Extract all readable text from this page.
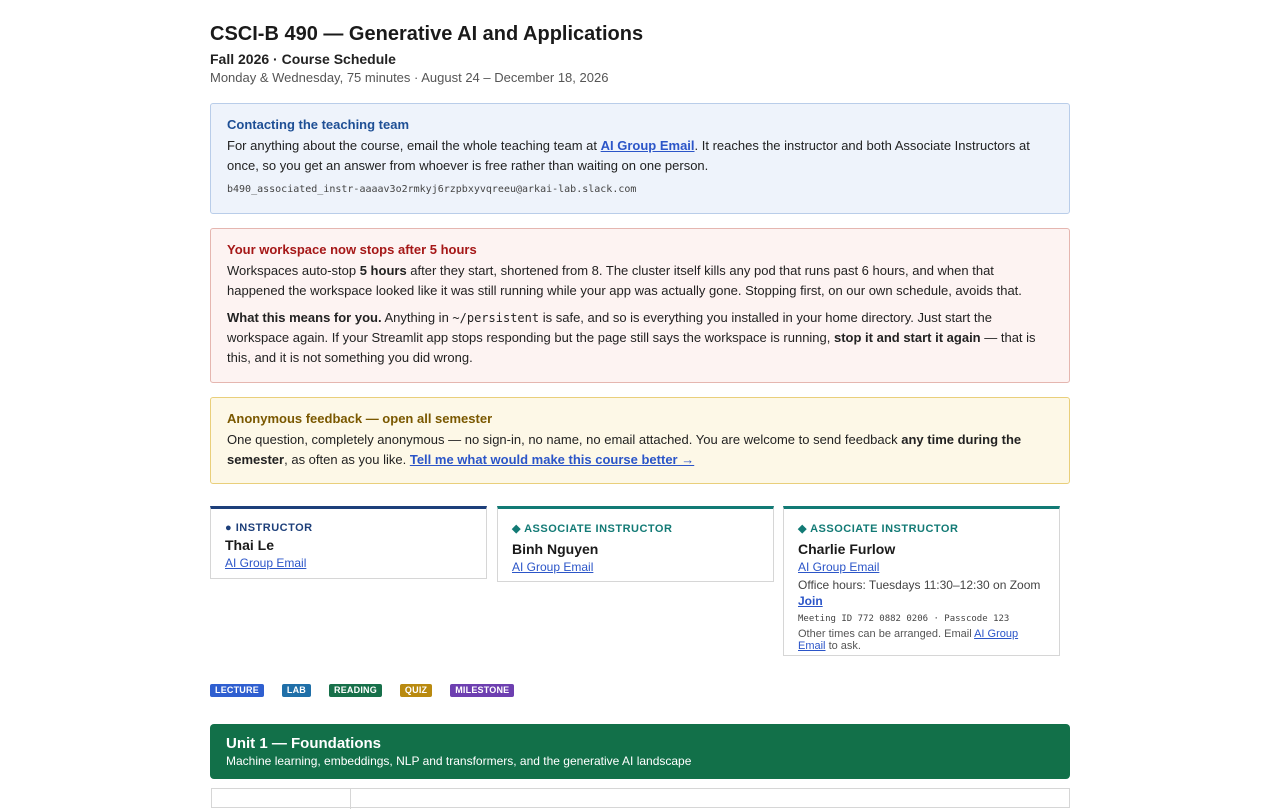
CSCI-B 490 — Generative AI and Applications
Fall 2026 · Course Schedule
Monday & Wednesday, 75 minutes · August 24 – December 18, 2026
Contacting the teaching team

For anything about the course, email the whole teaching team at AI Group Email. It reaches the instructor and both Associate Instructors at once, so you get an answer from whoever is free rather than waiting on one person.

b490_associated_instr-aaaav3o2rmkyj6rzpbxyvqreeu@arkai-lab.slack.com
Your workspace now stops after 5 hours

Workspaces auto-stop 5 hours after they start, shortened from 8. The cluster itself kills any pod that runs past 6 hours, and when that happened the workspace looked like it was still running while your app was actually gone. Stopping first, on our own schedule, avoids that.

What this means for you. Anything in ~/persistent is safe, and so is everything you installed in your home directory. Just start the workspace again. If your Streamlit app stops responding but the page still says the workspace is running, stop it and start it again — that is this, and it is not something you did wrong.

Anonymous feedback — open all semester

One question, completely anonymous — no sign-in, no name, no email attached. You are welcome to send feedback any time during the semester, as often as you like. Tell me what would make this course better →

● INSTRUCTOR
Thai Le
AI Group Email
◆ ASSOCIATE INSTRUCTOR
Binh Nguyen
AI Group Email
◆ ASSOCIATE INSTRUCTOR
Charlie Furlow
AI Group Email
Office hours: Tuesdays 11:30–12:30 on Zoom
Join
Meeting ID 772 0882 0206 · Passcode 123
Other times can be arranged. Email AI Group Email to ask.
LECTURE	LAB	READING	QUIZ	MILESTONE
Unit 1 — Foundations
Machine learning, embeddings, NLP and transformers, and the generative AI landscape
